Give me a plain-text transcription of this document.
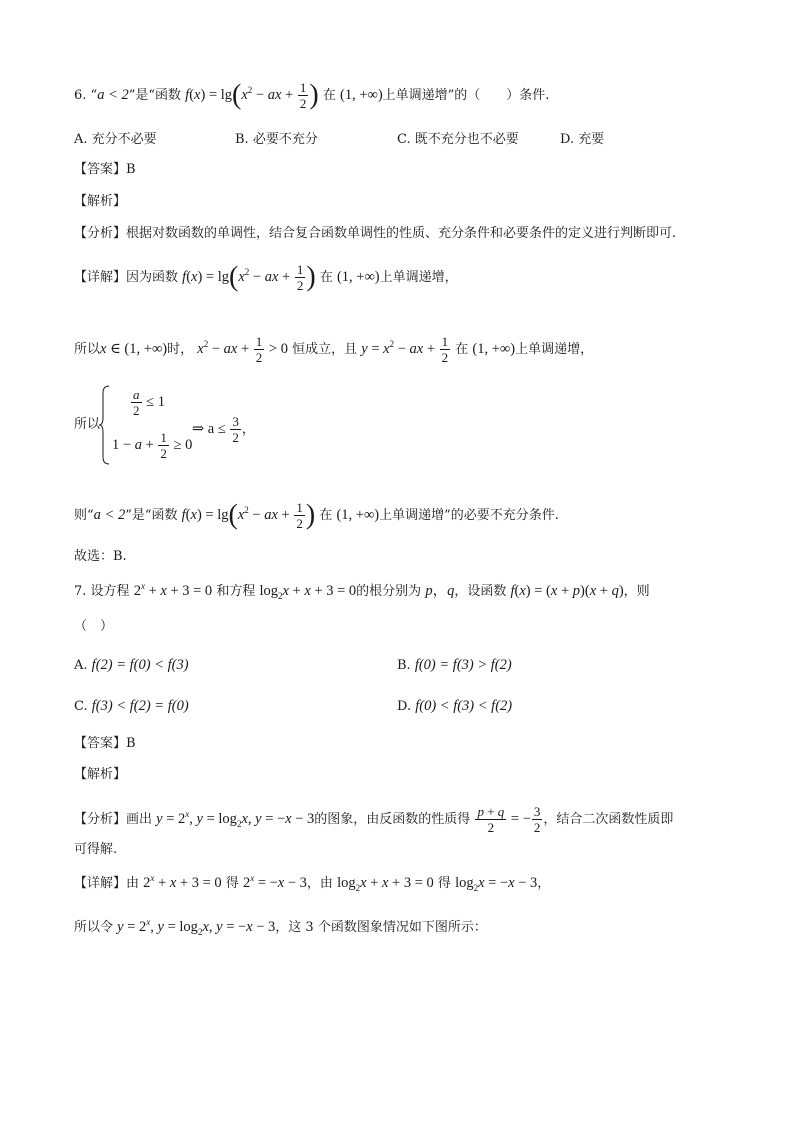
6. “a < 2”是“函数 $f(x) = \lg(x^2$ − ax + $\frac{1}{2}$ ) 在 (1, +∞)上单调递增”的（　　）条件.
A. 充分不必要	B. 必要不充分	C. 既不充分也不必要	D. 充要
【答案】B
【解析】
【分析】根据对数函数的单调性，结合复合函数单调性的性质、充分条件和必要条件的定义进行判断即可.
【详解】因为函数 $f(x) = \lg(x^2$ − ax + $\frac{1}{2}$ ) 在 (1, +∞)上单调递增，
所以x ∈ (1, +∞)时， $x^2$ − ax + $\frac{1}{2} > 0$ 恒成立，且 $y = x^2$ − ax + $\frac{1}{2}$ 在 (1, +∞)上单调递增，
所以
$\frac{a}{2} \le 1$
$1 - a + \frac{1}{2} \ge 0$
⇒ $a \le \frac{3}{2}$ ，
则“a < 2”是“函数 $f(x) = \lg(x^2$ − ax + $\frac{1}{2}$ ) 在 (1, +∞)上单调递增”的必要不充分条件.
故选：B.
7. 设方程 $2^x + x + 3 = 0$ 和方程 $\log_2x + x + 3 = 0$的根分别为 p，q，设函数 f(x) = (x + p)(x + q)，则
（　）
A. f(2) = f(0) < f(3)	B. f(0) = f(3) > f(2)
C. f(3) < f(2) = f(0)	D. f(0) < f(3) < f(2)
【答案】B
【解析】
【分析】画出 $y = 2^x$, $y = \log_2x$, y = −x − 3的图象，由反函数的性质得 $\frac{p + q}{2}$ = − $\frac{3}{2}$ ，结合二次函数性质即
可得解.
【详解】由 $2^x + x + 3 = 0$ 得 $2^x = -x - 3$，由 $\log_2x + x + 3 = 0$ 得 $\log_2x = -x - 3$，
所以令 $y = 2^x$, $y = \log_2x$, y = −x − 3，这 3 个函数图象情况如下图所示：
